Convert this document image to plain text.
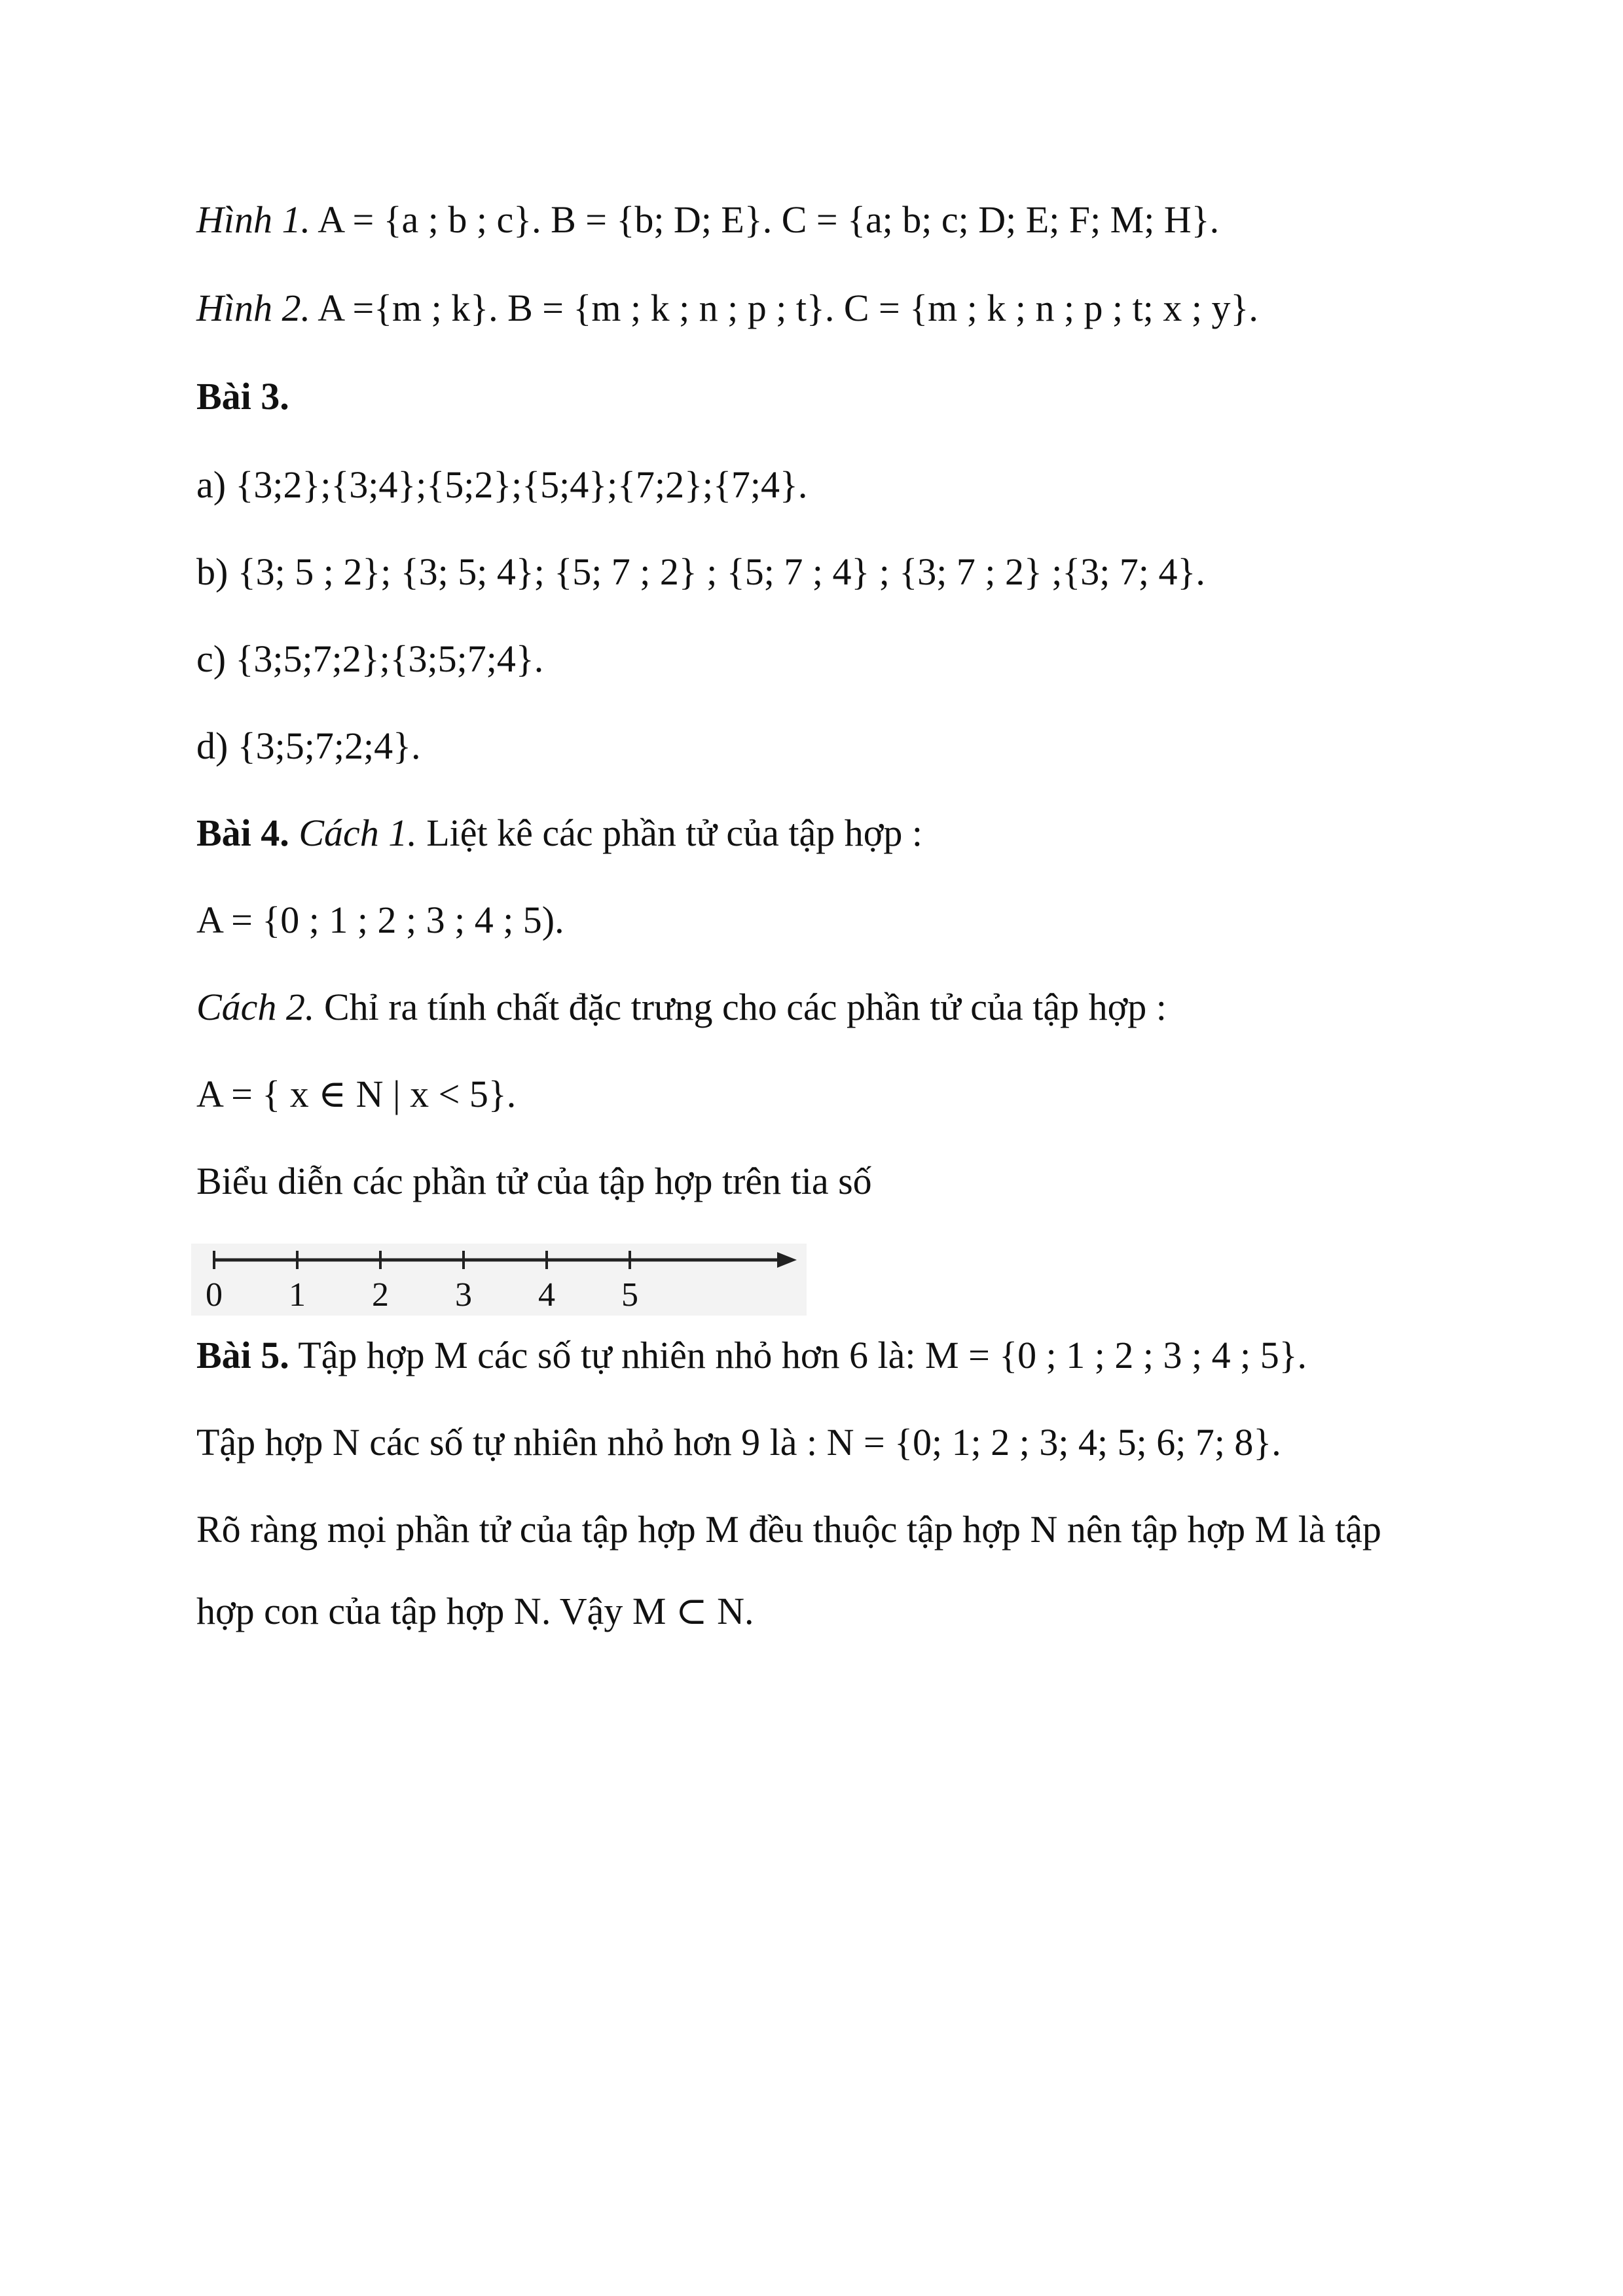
Hình 1. A = {a ; b ; c}. B = {b; D; E}. C = {a; b; c; D; E; F; M; H}.
Hình 2. A ={m ; k}. B = {m ; k ; n ; p ; t}. C = {m ; k ; n ; p ; t; x ; y}.
Bài 3.
a) {3;2};{3;4};{5;2};{5;4};{7;2};{7;4}.
b) {3; 5 ; 2}; {3; 5; 4}; {5; 7 ; 2} ; {5; 7 ; 4} ; {3; 7 ; 2} ;{3; 7; 4}.
c) {3;5;7;2};{3;5;7;4}.
d) {3;5;7;2;4}.
Bài 4. Cách 1. Liệt kê các phần tử của tập hợp :
A = {0 ; 1 ; 2 ; 3 ; 4 ; 5).
Cách 2. Chỉ ra tính chất đặc trưng cho các phần tử của tập hợp :
A = { x ∈ N | x < 5}.
Biểu diễn các phần tử của tập hợp trên tia số
0 1 2 3 4 5
Bài 5. Tập hợp M các số tự nhiên nhỏ hơn 6 là: M = {0 ; 1 ; 2 ; 3 ; 4 ; 5}.
Tập hợp N các số tự nhiên nhỏ hơn 9 là : N = {0; 1; 2 ; 3; 4; 5; 6; 7; 8}.
Rõ ràng mọi phần tử của tập hợp M đều thuộc tập hợp N nên tập hợp M là tập
hợp con của tập hợp N. Vậy M ⊂ N.
